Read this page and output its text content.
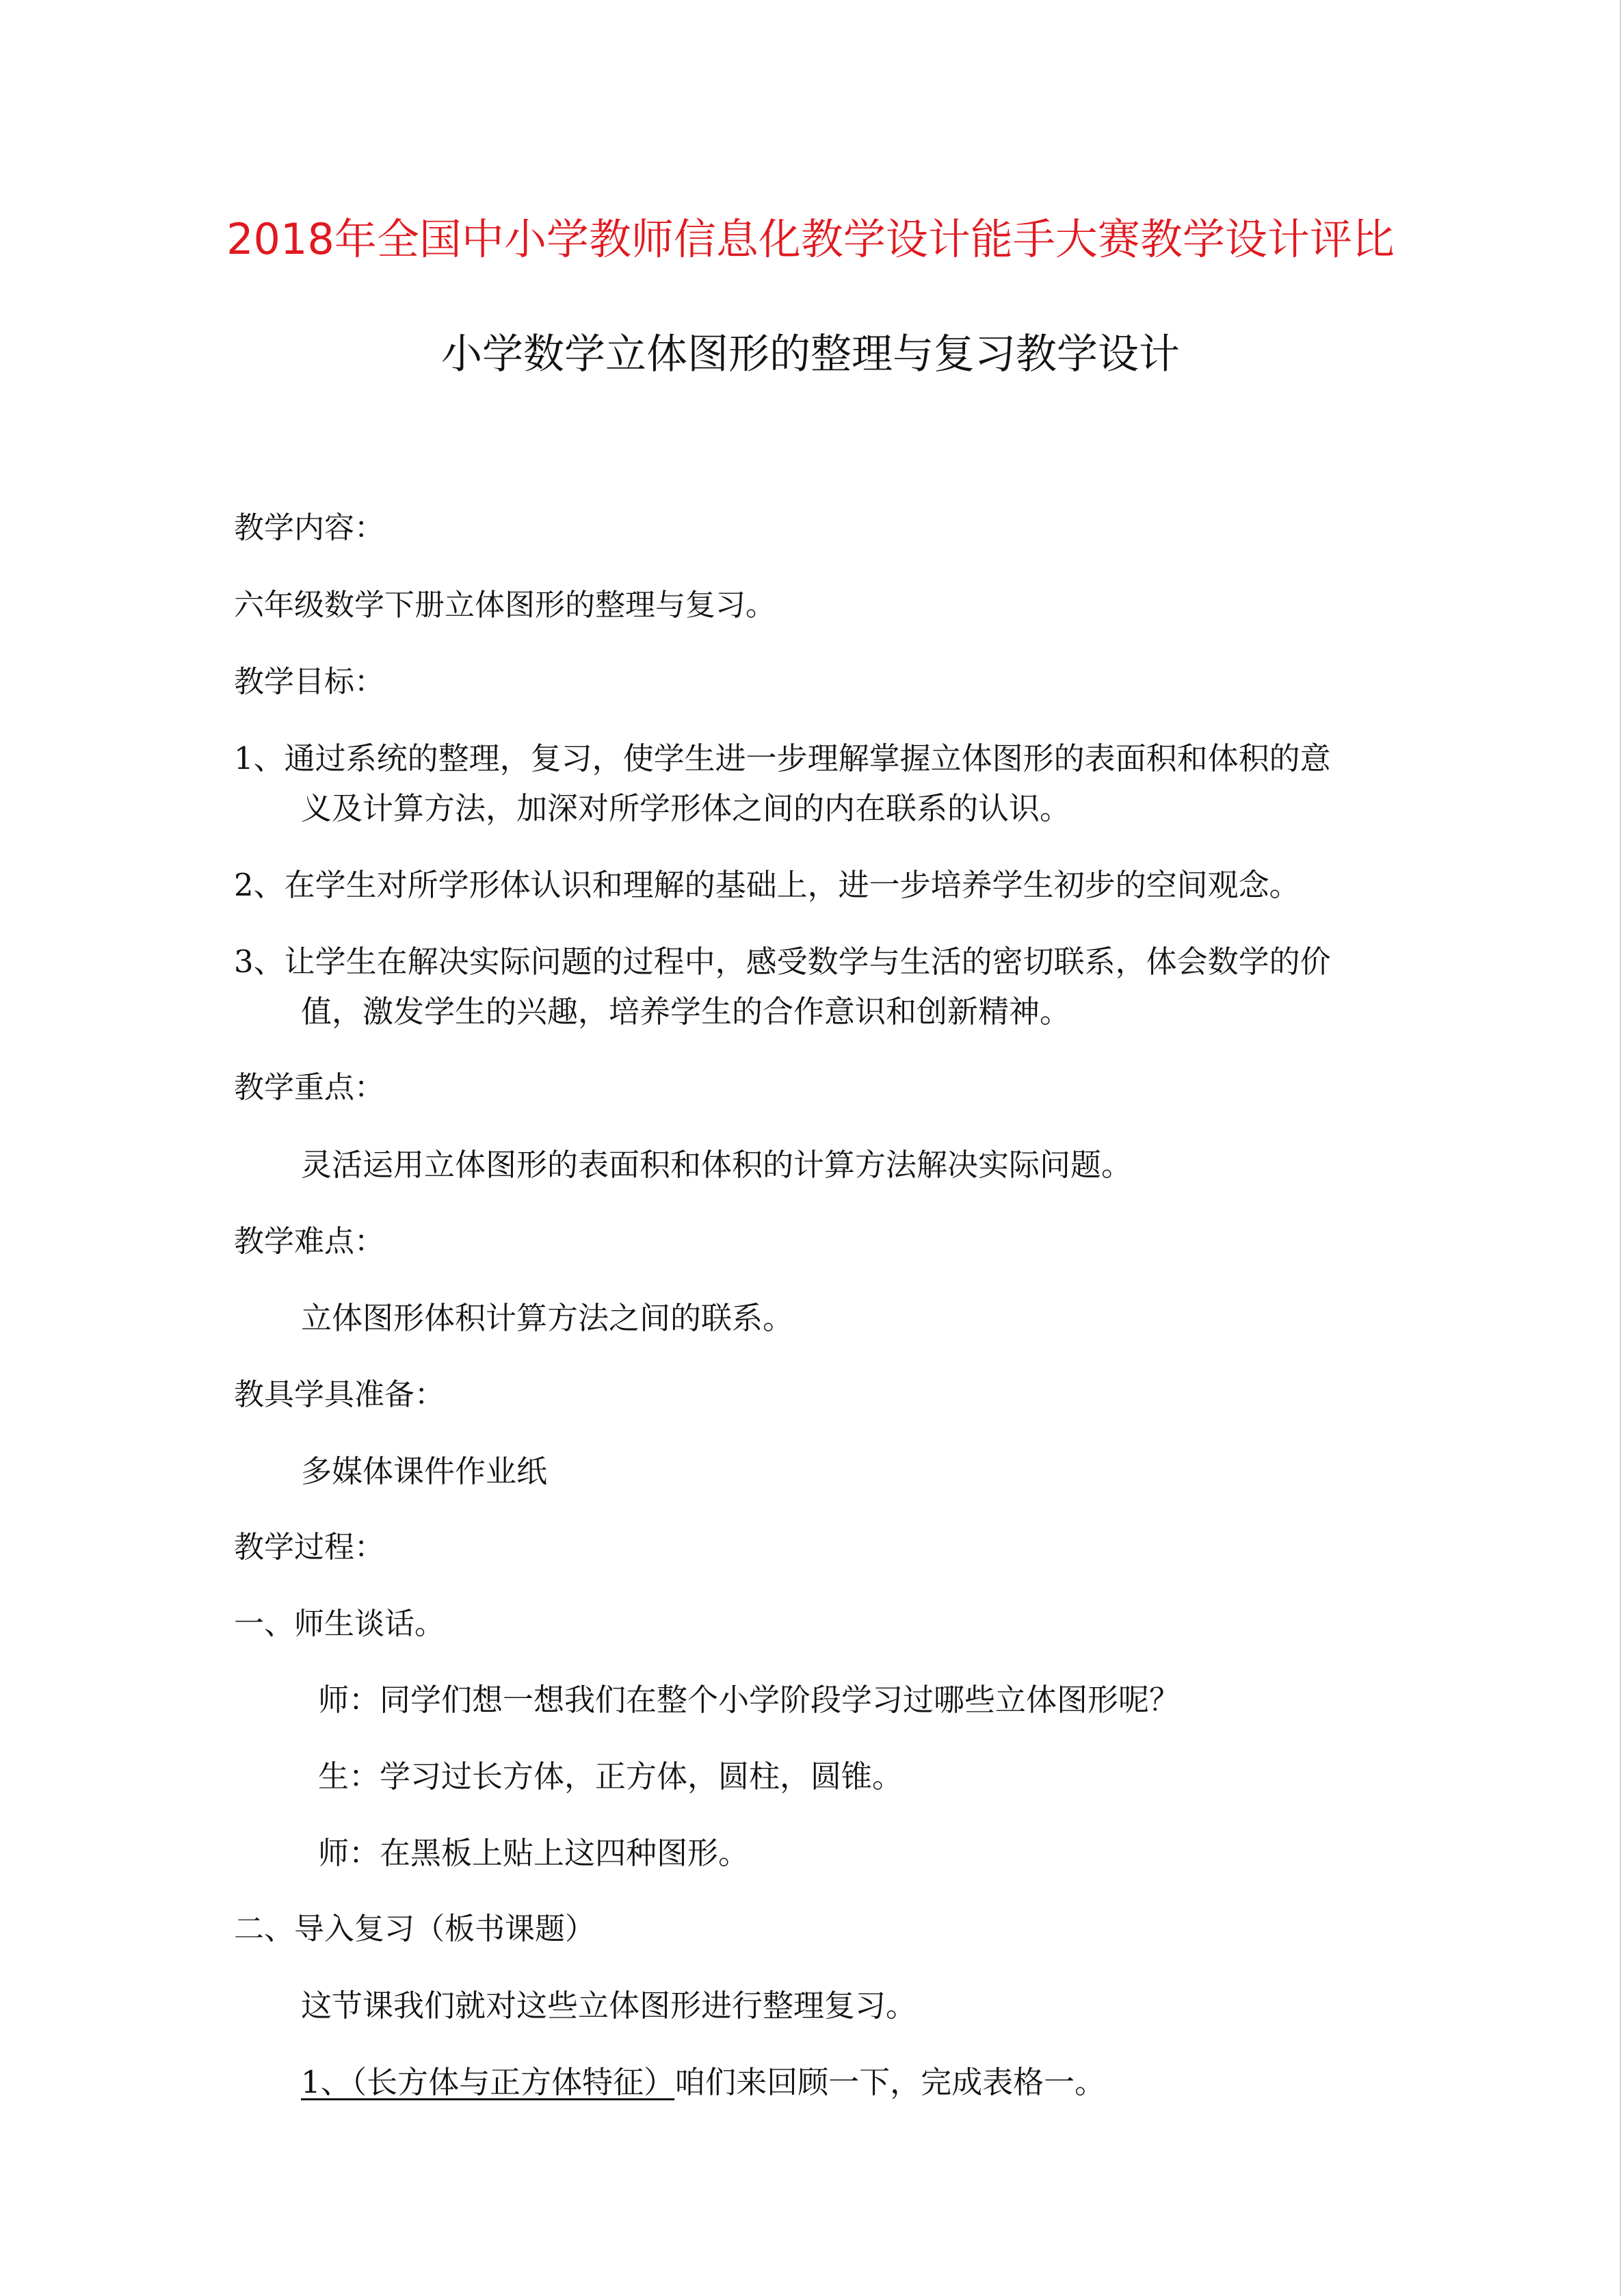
2018年全国中小学教师信息化教学设计能手大赛教学设计评比
小学数学立体图形的整理与复习教学设计
教学内容：
六年级数学下册立体图形的整理与复习。
教学目标：
1、通过系统的整理，复习，使学生进一步理解掌握立体图形的表面积和体积的意
义及计算方法，加深对所学形体之间的内在联系的认识。
2、在学生对所学形体认识和理解的基础上，进一步培养学生初步的空间观念。
3、让学生在解决实际问题的过程中，感受数学与生活的密切联系，体会数学的价
值，激发学生的兴趣，培养学生的合作意识和创新精神。
教学重点：
灵活运用立体图形的表面积和体积的计算方法解决实际问题。
教学难点：
立体图形体积计算方法之间的联系。
教具学具准备：
多媒体课件作业纸
教学过程：
一、师生谈话。
师：同学们想一想我们在整个小学阶段学习过哪些立体图形呢？
生：学习过长方体，正方体，圆柱，圆锥。
师：在黑板上贴上这四种图形。
二、导入复习（板书课题）
这节课我们就对这些立体图形进行整理复习。
1、（长方体与正方体特征）咱们来回顾一下，完成表格一。
